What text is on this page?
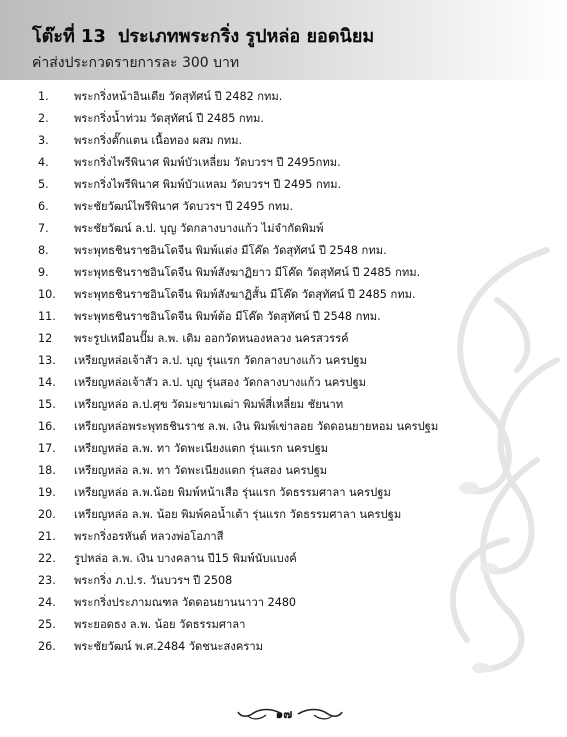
โต๊ะที่ 13 ประเภทพระกริ่ง รูปหล่อ ยอดนิยม
ค่าส่งประกวดรายการละ 300 บาท
1.	พระกริ่งหน้าอินเดีย วัดสุทัศน์ ปี 2482 กทม.
2.	พระกริ่งน้ำท่วม วัดสุทัศน์ ปี 2485 กทม.
3.	พระกริ่งตั๊กแตน เนื้อทอง ผสม กทม.
4.	พระกริ่งไพรีพินาศ พิมพ์บัวเหลี่ยม วัดบวรฯ ปี 2495กทม.
5.	พระกริ่งไพรีพินาศ พิมพ์บัวแหลม วัดบวรฯ ปี 2495 กทม.
6.	พระชัยวัฒน์ไพรีพินาศ วัดบวรฯ ปี 2495 กทม.
7.	พระชัยวัฒน์ ล.ป. บุญ วัดกลางบางแก้ว ไม่จำกัดพิมพ์
8.	พระพุทธชินราชอินโดจีน พิมพ์แต่ง มีโค๊ด วัดสุทัศน์ ปี 2548 กทม.
9.	พระพุทธชินราชอินโดจีน พิมพ์สังฆาฏิยาว มีโค๊ด วัดสุทัศน์ ปี 2485 กทม.
10.	พระพุทธชินราชอินโดจีน พิมพ์สังฆาฏิสั้น มีโค๊ด วัดสุทัศน์ ปี 2485 กทม.
11.	พระพุทธชินราชอินโดจีน พิมพ์ต้อ มีโค๊ด วัดสุทัศน์ ปี 2548 กทม.
12	พระรูปเหมือนปั๊ม ล.พ. เดิม ออกวัดหนองหลวง นครสวรรค์
13.	เหรียญหล่อเจ้าสัว ล.ป. บุญ รุ่นแรก วัดกลางบางแก้ว นครปฐม
14.	เหรียญหล่อเจ้าสัว ล.ป. บุญ รุ่นสอง วัดกลางบางแก้ว นครปฐม
15.	เหรียญหล่อ ล.ป.ศุข วัดมะขามเฒ่า พิมพ์สี่เหลี่ยม ชัยนาท
16.	เหรียญหล่อพระพุทธชินราช ล.พ. เงิน พิมพ์เข่าลอย วัดดอนยายหอม นครปฐม
17.	เหรียญหล่อ ล.พ. ทา วัดพะเนียงแตก รุ่นแรก นครปฐม
18.	เหรียญหล่อ ล.พ. ทา วัดพะเนียงแตก รุ่นสอง นครปฐม
19.	เหรียญหล่อ ล.พ.น้อย พิมพ์หน้าเสือ รุ่นแรก วัดธรรมศาลา นครปฐม
20.	เหรียญหล่อ ล.พ. น้อย พิมพ์คอน้ำเต้า รุ่นแรก วัดธรรมศาลา นครปฐม
21.	พระกริ่งอรหันต์ หลวงพ่อโอภาสี
22.	รูปหล่อ ล.พ. เงิน บางคลาน ปี15 พิมพ์นับแบงค์
23.	พระกริ่ง ภ.ป.ร. วันบวรฯ ปี 2508
24.	พระกริ่งประภามณฑล วัดดอนยานนาวา 2480
25.	พระยอดธง ล.พ. น้อย วัดธรรมศาลา
26.	พระชัยวัฒน์ พ.ศ.2484 วัดชนะสงคราม
๑๗
